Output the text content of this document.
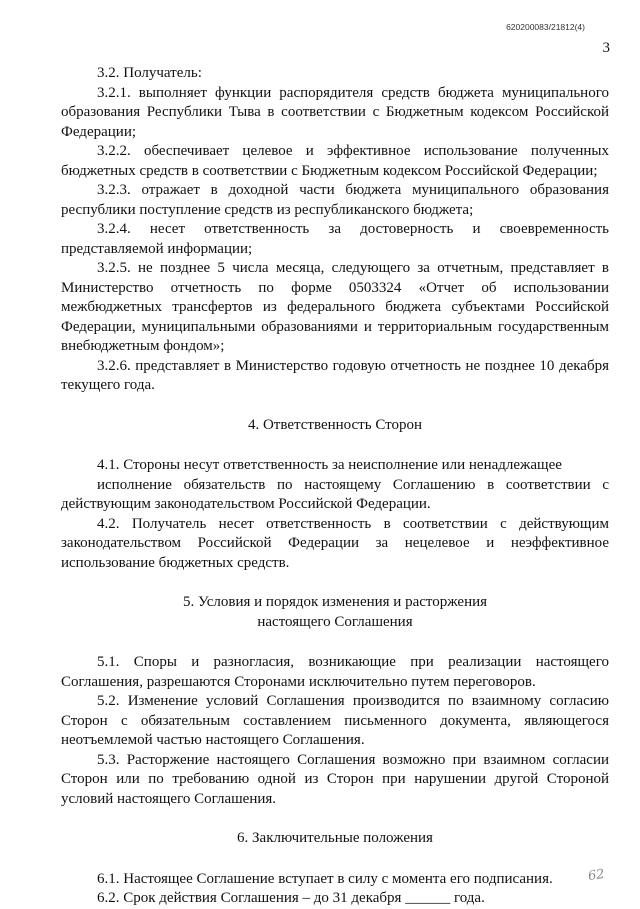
620200083/21812(4)
3

3.2. Получатель:

3.2.1. выполняет функции распорядителя средств бюджета муниципального образования Республики Тыва в соответствии с Бюджетным кодексом Российской Федерации;

3.2.2. обеспечивает целевое и эффективное использование полученных бюджетных средств в соответствии с Бюджетным кодексом Российской Федерации;

3.2.3. отражает в доходной части бюджета муниципального образования республики поступление средств из республиканского бюджета;

3.2.4. несет ответственность за достоверность и своевременность представляемой информации;

3.2.5. не позднее 5 числа месяца, следующего за отчетным, представляет в Министерство отчетность по форме 0503324 «Отчет об использовании межбюджетных трансфертов из федерального бюджета субъектами Российской Федерации, муниципальными образованиями и территориальным государственным внебюджетным фондом»;

3.2.6. представляет в Министерство годовую отчетность не позднее 10 декабря текущего года.

4. Ответственность Сторон

4.1. Стороны несут ответственность за неисполнение или ненадлежащее

исполнение обязательств по настоящему Соглашению в соответствии с действующим законодательством Российской Федерации.

4.2. Получатель несет ответственность в соответствии с действующим законодательством Российской Федерации за нецелевое и неэффективное использование бюджетных средств.

5. Условия и порядок изменения и расторжения
настоящего Соглашения

5.1. Споры и разногласия, возникающие при реализации настоящего Соглашения, разрешаются Сторонами исключительно путем переговоров.

5.2. Изменение условий Соглашения производится по взаимному согласию Сторон с обязательным составлением письменного документа, являющегося неотъемлемой частью настоящего Соглашения.

5.3. Расторжение настоящего Соглашения возможно при взаимном согласии Сторон или по требованию одной из Сторон при нарушении другой Стороной условий настоящего Соглашения.

6. Заключительные положения

6.1. Настоящее Соглашение вступает в силу с момента его подписания.

6.2. Срок действия Соглашения – до 31 декабря ______ года.

62
